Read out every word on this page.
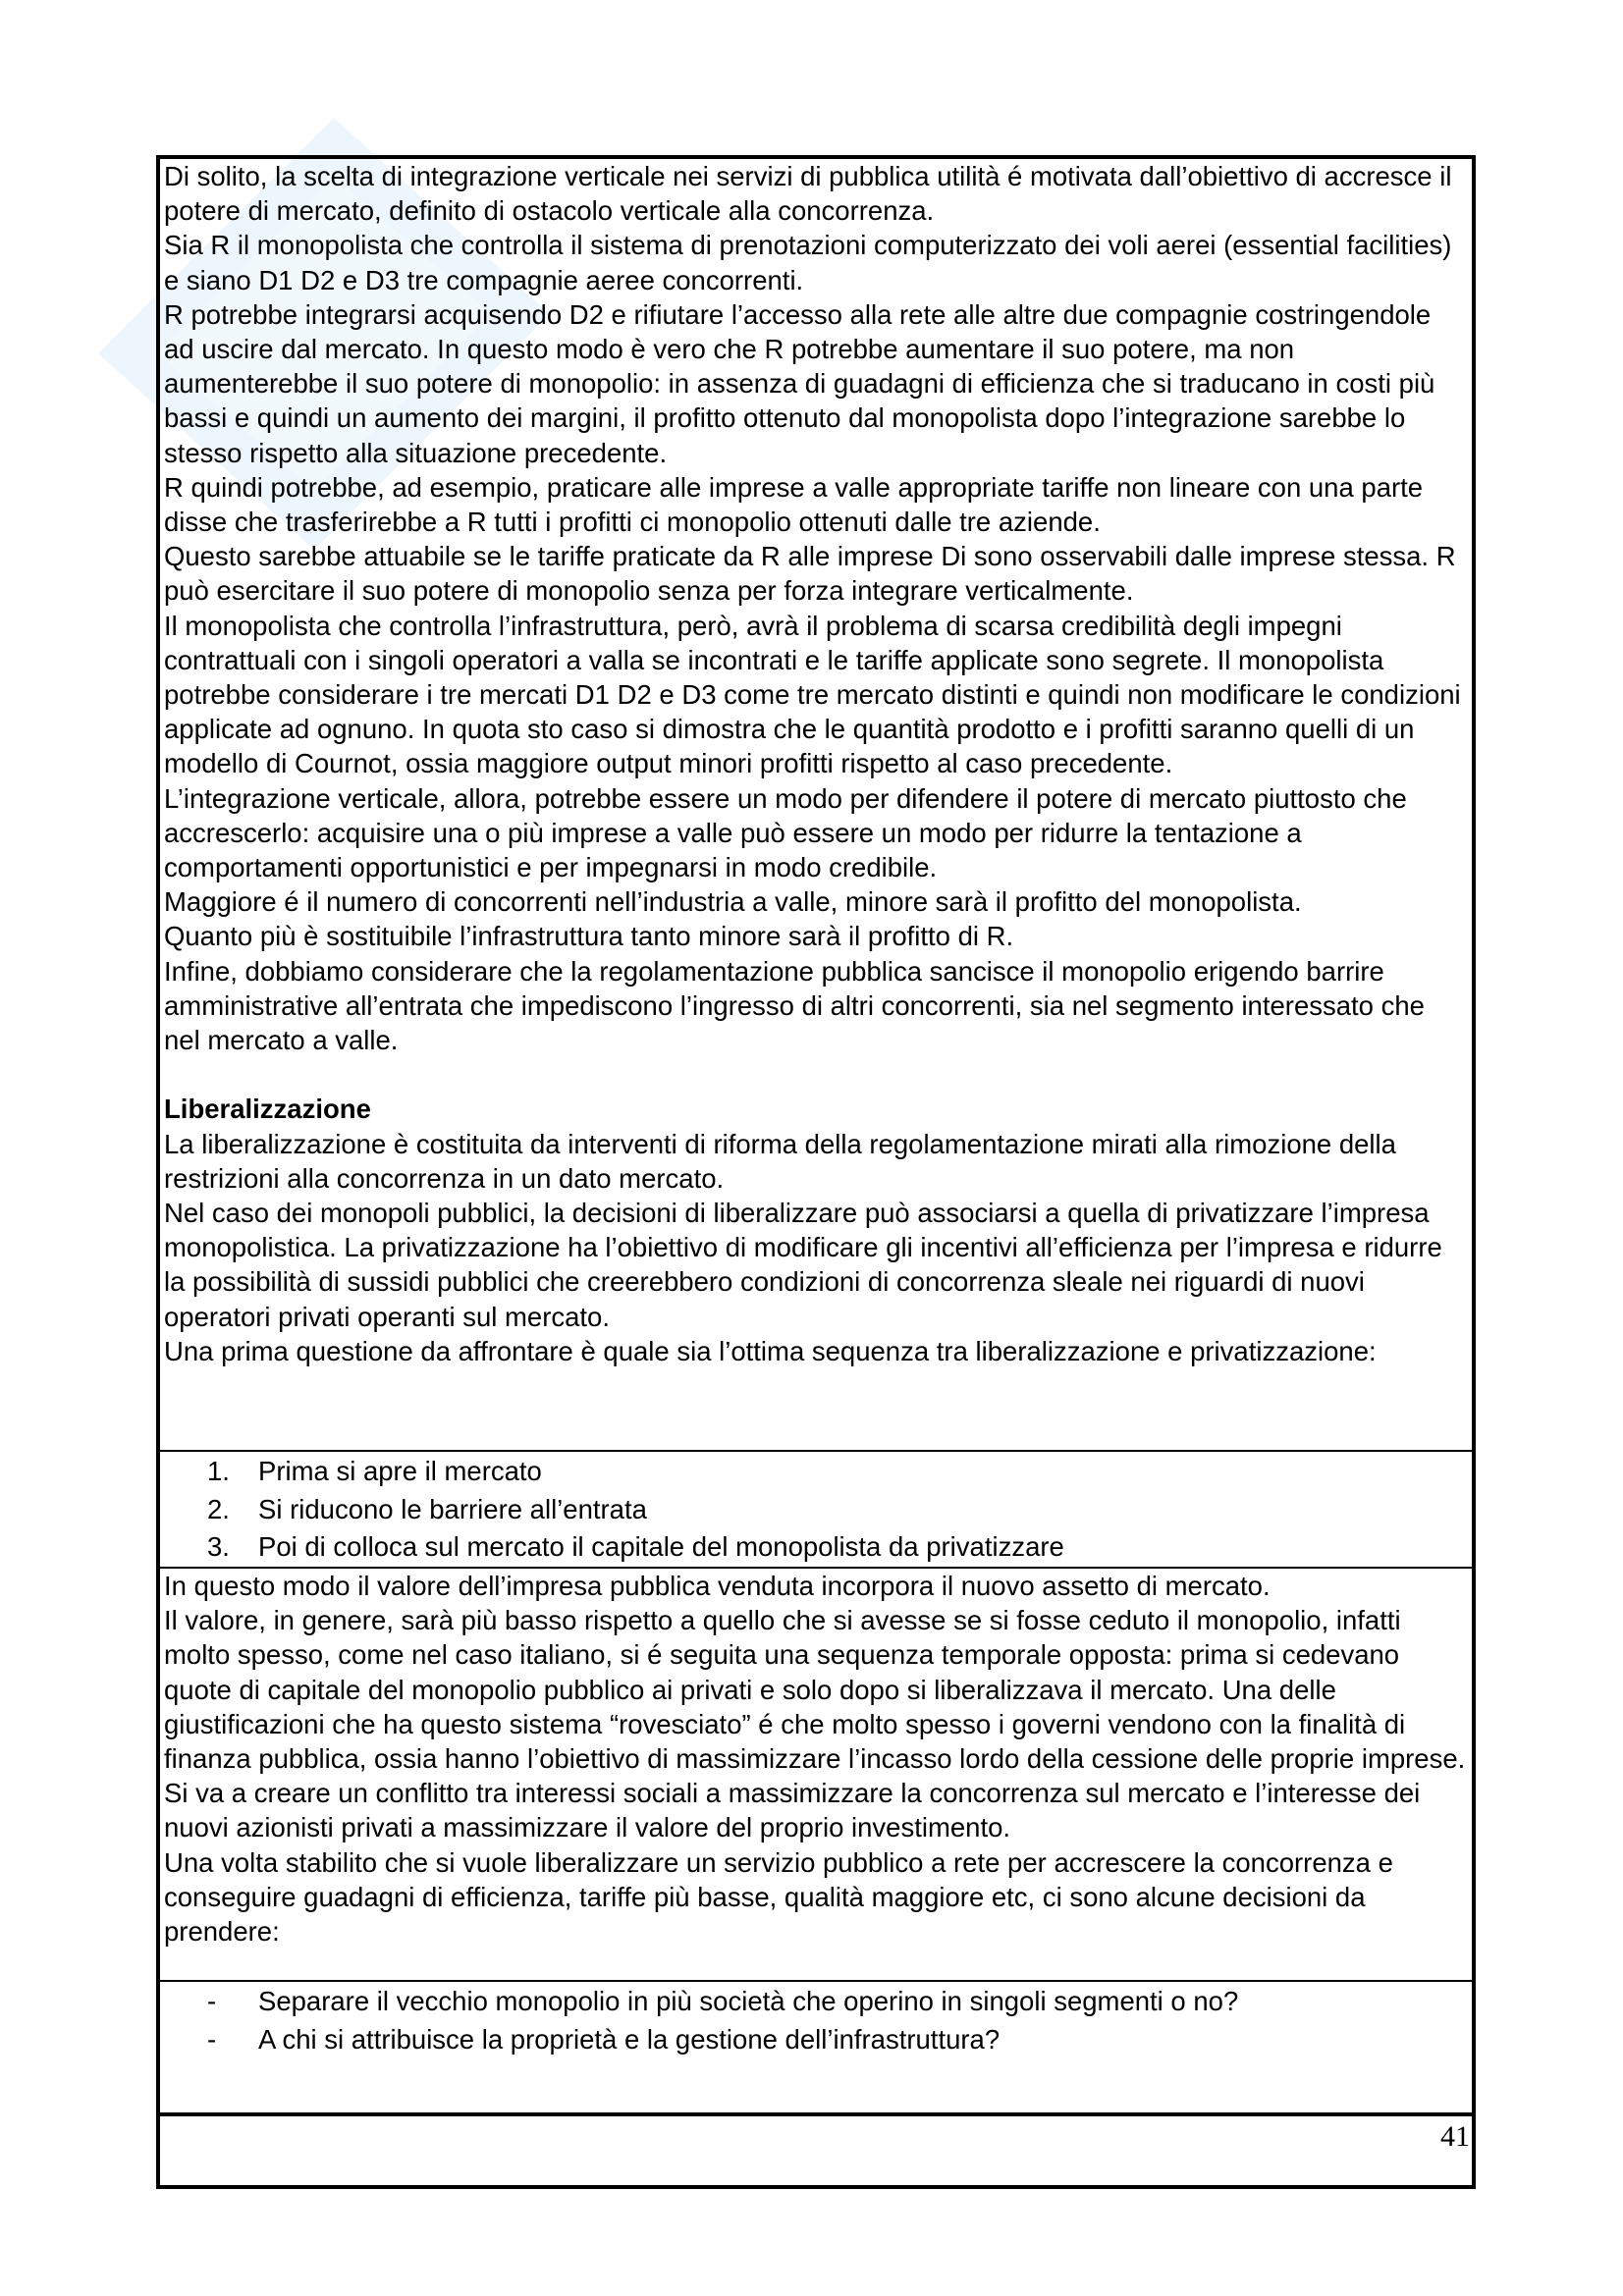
Di solito, la scelta di integrazione verticale nei servizi di pubblica utilità é motivata dall’obiettivo di accresce il potere di mercato, definito di ostacolo verticale alla concorrenza.

Sia R il monopolista che controlla il sistema di prenotazioni computerizzato dei voli aerei (essential facilities) e siano D1 D2 e D3 tre compagnie aeree concorrenti.

R potrebbe integrarsi acquisendo D2 e rifiutare l’accesso alla rete alle altre due compagnie costringendole ad uscire dal mercato. In questo modo è vero che R potrebbe aumentare il suo potere, ma non aumenterebbe il suo potere di monopolio: in assenza di guadagni di efficienza che si traducano in costi più bassi e quindi un aumento dei margini, il profitto ottenuto dal monopolista dopo l’integrazione sarebbe lo stesso rispetto alla situazione precedente.

R quindi potrebbe, ad esempio, praticare alle imprese a valle appropriate tariffe non lineare con una parte disse che trasferirebbe a R tutti i profitti ci monopolio ottenuti dalle tre aziende.

Questo sarebbe attuabile se le tariffe praticate da R alle imprese Di sono osservabili dalle imprese stessa. R può esercitare il suo potere di monopolio senza per forza integrare verticalmente.

Il monopolista che controlla l’infrastruttura, però, avrà il problema di scarsa credibilità degli impegni contrattuali con i singoli operatori a valla se incontrati e le tariffe applicate sono segrete. Il monopolista potrebbe considerare i tre mercati D1 D2 e D3 come tre mercato distinti e quindi non modificare le condizioni applicate ad ognuno. In quota sto caso si dimostra che le quantità prodotto e i profitti saranno quelli di un modello di Cournot, ossia maggiore output minori profitti rispetto al caso precedente.

L’integrazione verticale, allora, potrebbe essere un modo per difendere il potere di mercato piuttosto che accrescerlo: acquisire una o più imprese a valle può essere un modo per ridurre la tentazione a comportamenti opportunistici e per impegnarsi in modo credibile.

Maggiore é il numero di concorrenti nell’industria a valle, minore sarà il profitto del monopolista.

Quanto più è sostituibile l’infrastruttura tanto minore sarà il profitto di R.

Infine, dobbiamo considerare che la regolamentazione pubblica sancisce il monopolio erigendo barrire amministrative all’entrata che impediscono l’ingresso di altri concorrenti, sia nel segmento interessato che nel mercato a valle.

Liberalizzazione

La liberalizzazione è costituita da interventi di riforma della regolamentazione mirati alla rimozione della restrizioni alla concorrenza in un dato mercato.

Nel caso dei monopoli pubblici, la decisioni di liberalizzare può associarsi a quella di privatizzare l’impresa monopolistica. La privatizzazione ha l’obiettivo di modificare gli incentivi all’efficienza per l’impresa e ridurre la possibilità di sussidi pubblici che creerebbero condizioni di concorrenza sleale nei riguardi di nuovi operatori privati operanti sul mercato.

Una prima questione da affrontare è quale sia l’ottima sequenza tra liberalizzazione e privatizzazione:

1.	Prima si apre il mercato
2.	Si riducono le barriere all’entrata
3.	Poi di colloca sul mercato il capitale del monopolista da privatizzare

In questo modo il valore dell’impresa pubblica venduta incorpora il nuovo assetto di mercato.

Il valore, in genere, sarà più basso rispetto a quello che si avesse se si fosse ceduto il monopolio, infatti molto spesso, come nel caso italiano, si é seguita una sequenza temporale opposta: prima si cedevano quote di capitale del monopolio pubblico ai privati e solo dopo si liberalizzava il mercato. Una delle giustificazioni che ha questo sistema “rovesciato” é che molto spesso i governi vendono con la finalità di finanza pubblica, ossia hanno l’obiettivo di massimizzare l’incasso lordo della cessione delle proprie imprese. Si va a creare un conflitto tra interessi sociali a massimizzare la concorrenza sul mercato e l’interesse dei nuovi azionisti privati a massimizzare il valore del proprio investimento.

Una volta stabilito che si vuole liberalizzare un servizio pubblico a rete per accrescere la concorrenza e conseguire guadagni di efficienza, tariffe più basse, qualità maggiore etc, ci sono alcune decisioni da prendere:

-	Separare il vecchio monopolio in più società che operino in singoli segmenti o no?
-	A chi si attribuisce la proprietà e la gestione dell’infrastruttura?
41
